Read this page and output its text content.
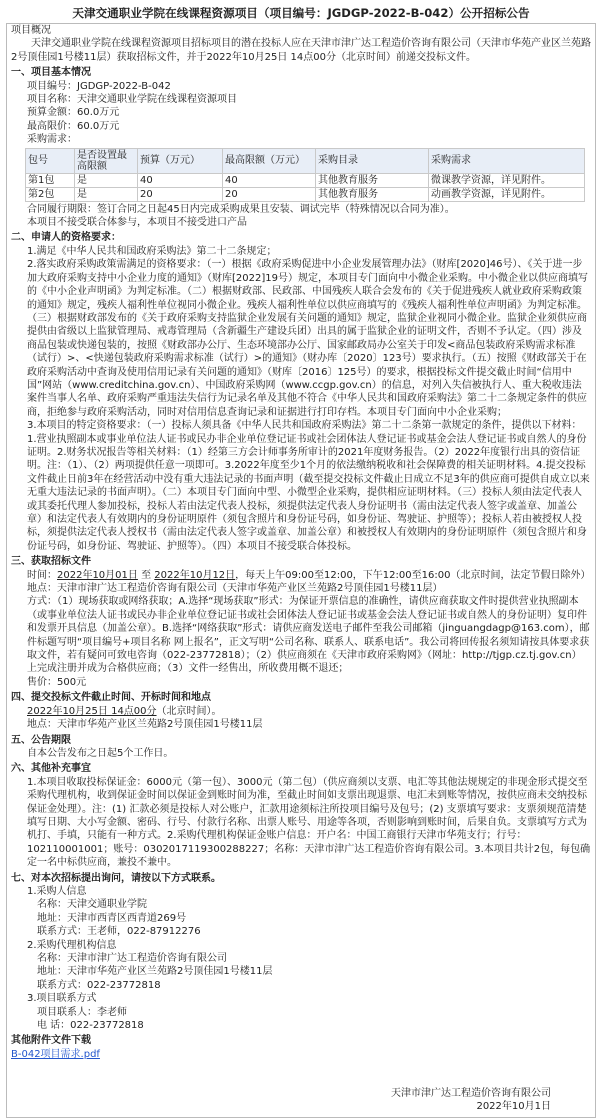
天津交通职业学院在线课程资源项目（项目编号：JGDGP-2022-B-042）公开招标公告
项目概况
天津交通职业学院在线课程资源项目招标项目的潜在投标人应在天津市津广达工程造价咨询有限公司（天津市华苑产业区兰苑路2号顶佳园1号楼11层）获取招标文件，并于2022年10月25日 14点00分（北京时间）前递交投标文件。
一、项目基本情况
项目编号：JGDGP-2022-B-042
项目名称：天津交通职业学院在线课程资源项目
预算金额：60.0万元
最高限价：60.0万元
采购需求：
包号	是否设置最高限额	预算（万元）	最高限额（万元）	采购目录	采购需求
第1包	是	40	40	其他教育服务	微课教学资源，详见附件。
第2包	是	20	20	其他教育服务	动画教学资源，详见附件。
合同履行期限：签订合同之日起45日内完成采购成果且安装、调试完毕（特殊情况以合同为准）。
本项目不接受联合体参与，本项目不接受进口产品
二、申请人的资格要求：
1.满足《中华人民共和国政府采购法》第二十二条规定；
2.落实政府采购政策需满足的资格要求：（一）根据《政府采购促进中小企业发展管理办法》（财库[2020]46号）、《关于进一步加大政府采购支持中小企业力度的通知》（财库[2022]19号）规定，本项目专门面向中小微企业采购。中小微企业以供应商填写的《中小企业声明函》为判定标准。（二）根据财政部、民政部、中国残疾人联合会发布的《关于促进残疾人就业政府采购政策的通知》规定，残疾人福利性单位视同小微企业。残疾人福利性单位以供应商填写的《残疾人福利性单位声明函》为判定标准。（三）根据财政部发布的《关于政府采购支持监狱企业发展有关问题的通知》规定，监狱企业视同小微企业。监狱企业须供应商提供由省级以上监狱管理局、戒毒管理局（含新疆生产建设兵团）出具的属于监狱企业的证明文件，否则不予认定。（四）涉及商品包装或快递包装的，按照《财政部办公厅、生态环境部办公厅、国家邮政局办公室关于印发<商品包装政府采购需求标准（试行）>、<快递包装政府采购需求标准（试行）>的通知》（财办库〔2020〕123号）要求执行。（五）按照《财政部关于在政府采购活动中查询及使用信用记录有关问题的通知》（财库〔2016〕125号）的要求，根据投标文件提交截止时间“信用中国”网站（www.creditchina.gov.cn）、中国政府采购网（www.ccgp.gov.cn）的信息，对列入失信被执行人、重大税收违法案件当事人名单、政府采购严重违法失信行为记录名单及其他不符合《中华人民共和国政府采购法》第二十二条规定条件的供应商，拒绝参与政府采购活动，同时对信用信息查询记录和证据进行打印存档。本项目专门面向中小企业采购；
3.本项目的特定资格要求：（一）投标人须具备《中华人民共和国政府采购法》第二十二条第一款规定的条件，提供以下材料：1.营业执照副本或事业单位法人证书或民办非企业单位登记证书或社会团体法人登记证书或基金会法人登记证书或自然人的身份证明。2.财务状况报告等相关材料：（1）经第三方会计师事务所审计的2021年度财务报告。（2）2022年度银行出具的资信证明。注：（1）、（2）两项提供任意一项即可。3.2022年度至少1个月的依法缴纳税收和社会保障费的相关证明材料。4.提交投标文件截止日前3年在经营活动中没有重大违法记录的书面声明（截至提交投标文件截止日成立不足3年的供应商可提供自成立以来无重大违法记录的书面声明）。（二）本项目专门面向中型、小微型企业采购，提供相应证明材料。（三）投标人须由法定代表人或其委托代理人参加投标，投标人若由法定代表人投标，须提供法定代表人身份证明书（需由法定代表人签字或盖章、加盖公章）和法定代表人有效期内的身份证明原件（须包含照片和身份证号码，如身份证、驾驶证、护照等）；投标人若由被授权人投标，须提供法定代表人授权书（需由法定代表人签字或盖章、加盖公章）和被授权人有效期内的身份证明原件（须包含照片和身份证号码，如身份证、驾驶证、护照等）。（四）本项目不接受联合体投标。
三、获取招标文件
时间：2022年10月01日 至 2022年10月12日，每天上午09:00至12:00，下午12:00至16:00（北京时间，法定节假日除外）
地点：天津市津广达工程造价咨询有限公司（天津市华苑产业区兰苑路2号顶佳园1号楼11层）
方式：（1）现场获取或网络获取；A.选择“现场获取”形式：为保证开票信息的准确性，请供应商获取文件时提供营业执照副本（或事业单位法人证书或民办非企业单位登记证书或社会团体法人登记证书或基金会法人登记证书或自然人的身份证明）复印件和发票开具信息（加盖公章）。B.选择“网络获取”形式：请供应商发送电子邮件至我公司邮箱（jinguangdagp@163.com），邮件标题写明“项目编号+项目名称 网上报名”，正文写明“公司名称、联系人、联系电话”。我公司将回传报名须知请按具体要求获取文件，若有疑问可致电咨询（022-23772818）；（2）供应商须在《天津市政府采购网》（网址：http://tjgp.cz.tj.gov.cn）上完成注册并成为合格供应商；（3）文件一经售出，所收费用概不退还；
售价：500元
四、提交投标文件截止时间、开标时间和地点
2022年10月25日 14点00分（北京时间）。
地点：天津市华苑产业区兰苑路2号顶佳园1号楼11层
五、公告期限
自本公告发布之日起5个工作日。
六、其他补充事宜
1.本项目收取投标保证金：6000元（第一包）、3000元（第二包）（供应商须以支票、电汇等其他法规规定的非现金形式提交至采购代理机构，收到保证金时间以保证金到账时间为准，至截止时间如支票出现退票、电汇未到账等情况，按供应商未交纳投标保证金处理）。注：(1) 汇款必须是投标人对公账户，汇款用途须标注所投项目编号及包号；(2) 支票填写要求：支票须规范清楚填写日期、大小写金额、密码、行号、付款行名称、出票人账号、用途等各项，否则影响到账时间，后果自负。支票填写方式为机打、手填，只能有一种方式。2.采购代理机构保证金账户信息：开户名：中国工商银行天津市华苑支行；行号：102110001001；账号：0302017119300288227；名称：天津市津广达工程造价咨询有限公司。3.本项目共计2包，每包确定一名中标供应商，兼投不兼中。
七、对本次招标提出询问，请按以下方式联系。
1.采购人信息
名称：天津交通职业学院
地址：天津市西青区西青道269号
联系方式：王老师，022-87912276
2.采购代理机构信息
名称：天津市津广达工程造价咨询有限公司
地址：天津市华苑产业区兰苑路2号顶佳园1号楼11层
联系方式：022-23772818
3.项目联系方式
项目联系人：李老师
电 话：022-23772818
其他附件文件下载
B-042项目需求.pdf
天津市津广达工程造价咨询有限公司
2022年10月1日
